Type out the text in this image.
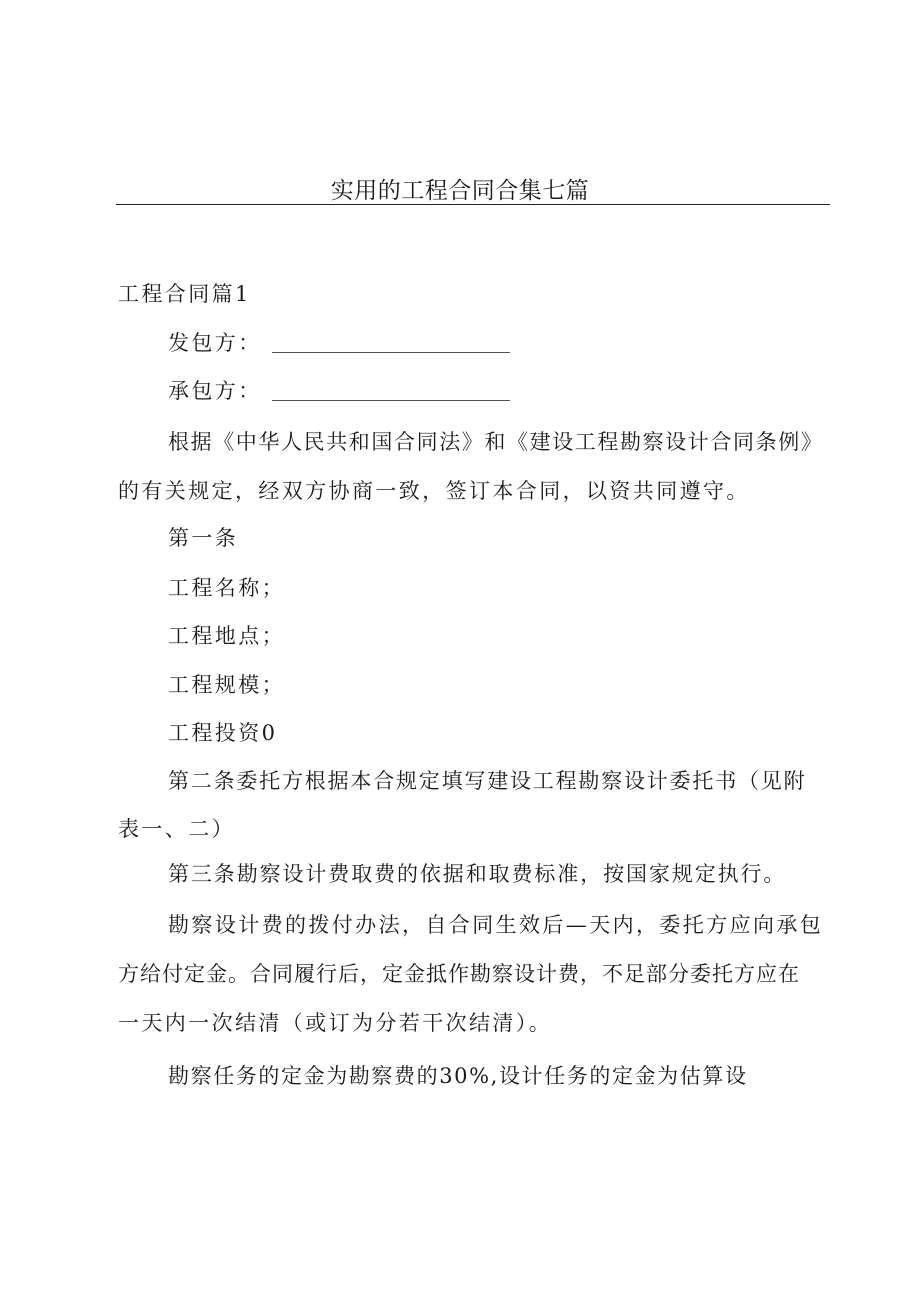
实用的工程合同合集七篇
工程合同篇1
发包方：
承包方：
根据《中华人民共和国合同法》和《建设工程勘察设计合同条例》
的有关规定，经双方协商一致，签订本合同，以资共同遵守。
第一条
工程名称；
工程地点；
工程规模；
工程投资0
第二条委托方根据本合规定填写建设工程勘察设计委托书（见附
表一、二）
第三条勘察设计费取费的依据和取费标准，按国家规定执行。
勘察设计费的拨付办法，自合同生效后—天内，委托方应向承包
方给付定金。合同履行后，定金抵作勘察设计费，不足部分委托方应在
一天内一次结清（或订为分若干次结清）。
勘察任务的定金为勘察费的30%,设计任务的定金为估算设
